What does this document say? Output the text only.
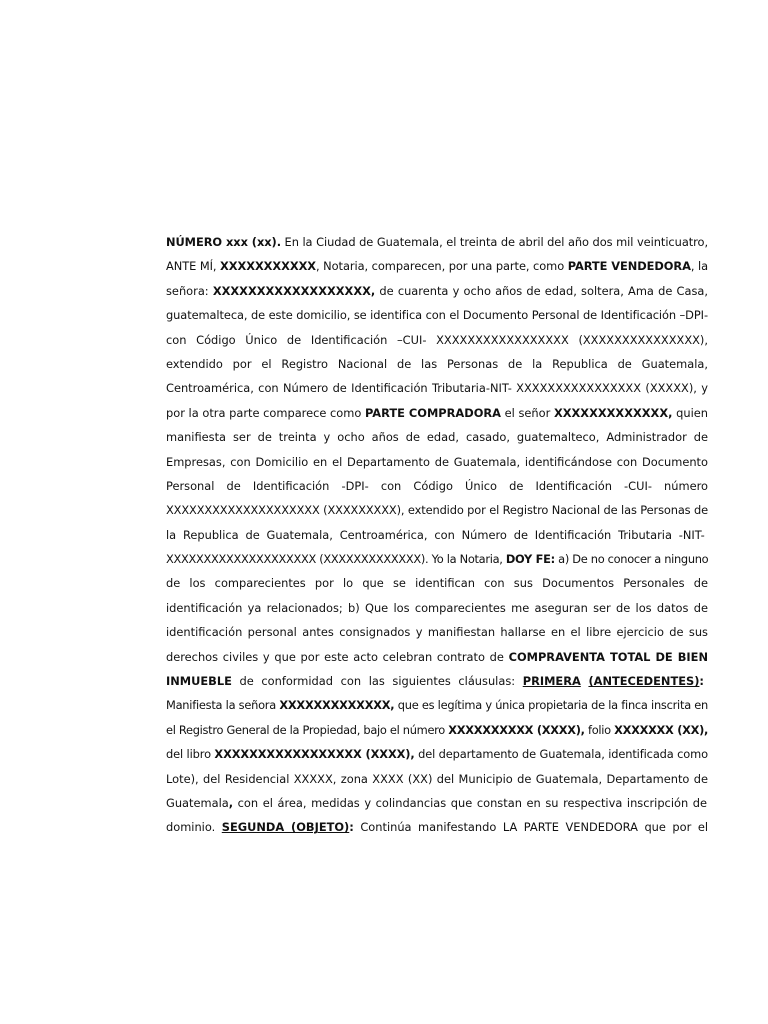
NÚMERO xxx (xx). En la Ciudad de Guatemala, el treinta de abril del año dos mil veinticuatro,
ANTE MÍ, XXXXXXXXXXX, Notaria, comparecen, por una parte, como PARTE VENDEDORA, la
señora: XXXXXXXXXXXXXXXXXX, de cuarenta y ocho años de edad, soltera, Ama de Casa,
guatemalteca, de este domicilio, se identifica con el Documento Personal de Identificación –DPI-
con Código Único de Identificación –CUI- XXXXXXXXXXXXXXXXX (XXXXXXXXXXXXXXX),
extendido por el Registro Nacional de las Personas de la Republica de Guatemala,
Centroamérica, con Número de Identificación Tributaria-NIT- XXXXXXXXXXXXXXXX (XXXXX), y
por la otra parte comparece como PARTE COMPRADORA el señor XXXXXXXXXXXXX, quien
manifiesta ser de treinta y ocho años de edad, casado, guatemalteco, Administrador de
Empresas, con Domicilio en el Departamento de Guatemala, identificándose con Documento
Personal de Identificación -DPI- con Código Único de Identificación -CUI- número
XXXXXXXXXXXXXXXXXXXX (XXXXXXXXX), extendido por el Registro Nacional de las Personas de
la Republica de Guatemala, Centroamérica, con Número de Identificación Tributaria -NIT-
XXXXXXXXXXXXXXXXXXXX (XXXXXXXXXXXXX). Yo la Notaria, DOY FE: a) De no conocer a ninguno
de los comparecientes por lo que se identifican con sus Documentos Personales de
identificación ya relacionados; b) Que los comparecientes me aseguran ser de los datos de
identificación personal antes consignados y manifiestan hallarse en el libre ejercicio de sus
derechos civiles y que por este acto celebran contrato de COMPRAVENTA TOTAL DE BIEN
INMUEBLE de conformidad con las siguientes cláusulas: PRIMERA (ANTECEDENTES):
Manifiesta la señora XXXXXXXXXXXXX, que es legítima y única propietaria de la finca inscrita en
el Registro General de la Propiedad, bajo el número XXXXXXXXXX (XXXX), folio XXXXXXX (XX),
del libro XXXXXXXXXXXXXXXXX (XXXX), del departamento de Guatemala, identificada como
Lote), del Residencial XXXXX, zona XXXX (XX) del Municipio de Guatemala, Departamento de
Guatemala, con el área, medidas y colindancias que constan en su respectiva inscripción de
dominio. SEGUNDA (OBJETO): Continúa manifestando LA PARTE VENDEDORA que por el
